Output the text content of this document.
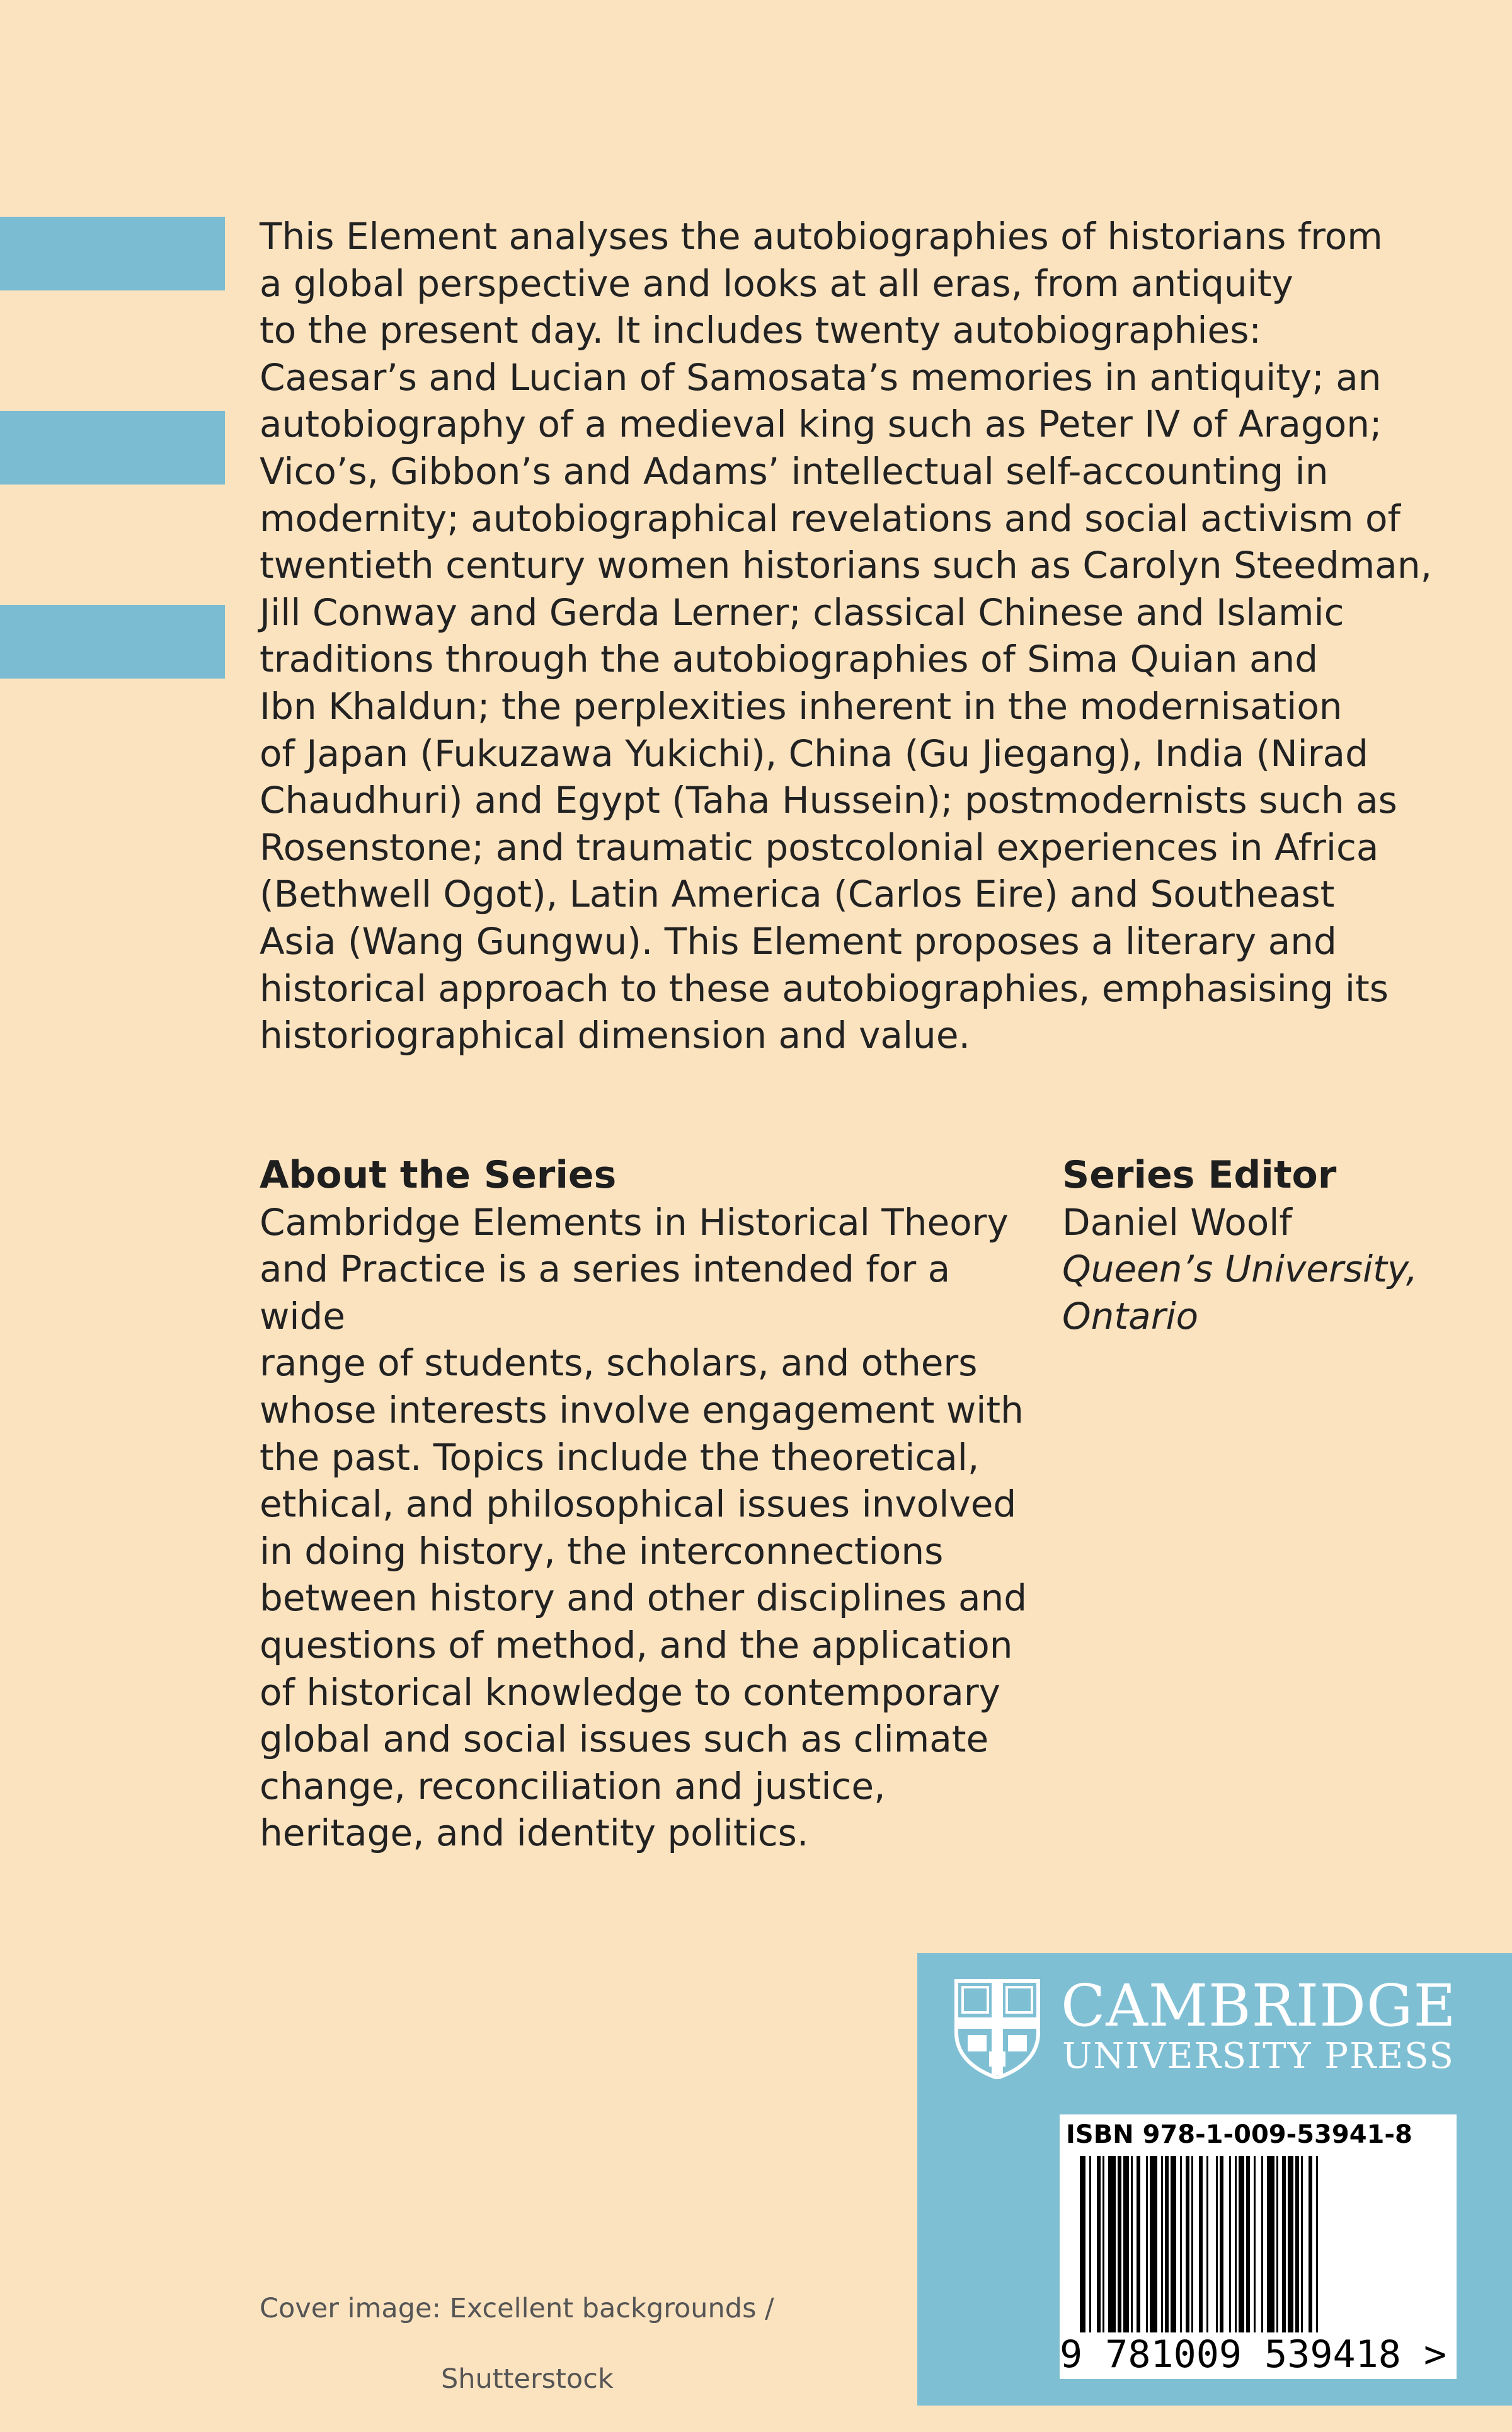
This Element analyses the autobiographies of historians from
a global perspective and looks at all eras, from antiquity
to the present day. It includes twenty autobiographies:
Caesar’s and Lucian of Samosata’s memories in antiquity; an
autobiography of a medieval king such as Peter IV of Aragon;
Vico’s, Gibbon’s and Adams’ intellectual self-accounting in
modernity; autobiographical revelations and social activism of
twentieth century women historians such as Carolyn Steedman,
Jill Conway and Gerda Lerner; classical Chinese and Islamic
traditions through the autobiographies of Sima Quian and
Ibn Khaldun; the perplexities inherent in the modernisation
of Japan (Fukuzawa Yukichi), China (Gu Jiegang), India (Nirad
Chaudhuri) and Egypt (Taha Hussein); postmodernists such as
Rosenstone; and traumatic postcolonial experiences in Africa
(Bethwell Ogot), Latin America (Carlos Eire) and Southeast
Asia (Wang Gungwu). This Element proposes a literary and
historical approach to these autobiographies, emphasising its
historiographical dimension and value.

About the Series

Cambridge Elements in Historical Theory
and Practice is a series intended for a wide
range of students, scholars, and others
whose interests involve engagement with
the past. Topics include the theoretical,
ethical, and philosophical issues involved
in doing history, the interconnections
between history and other disciplines and
questions of method, and the application
of historical knowledge to contemporary
global and social issues such as climate
change, reconciliation and justice,
heritage, and identity politics.

Series Editor

Daniel Woolf

Queen’s University,
Ontario

Cover image: Excellent backgrounds /

Shutterstock

CAMBRIDGE
UNIVERSITY PRESS
ISBN 978-1-009-53941-8
9 781009 539418 >
